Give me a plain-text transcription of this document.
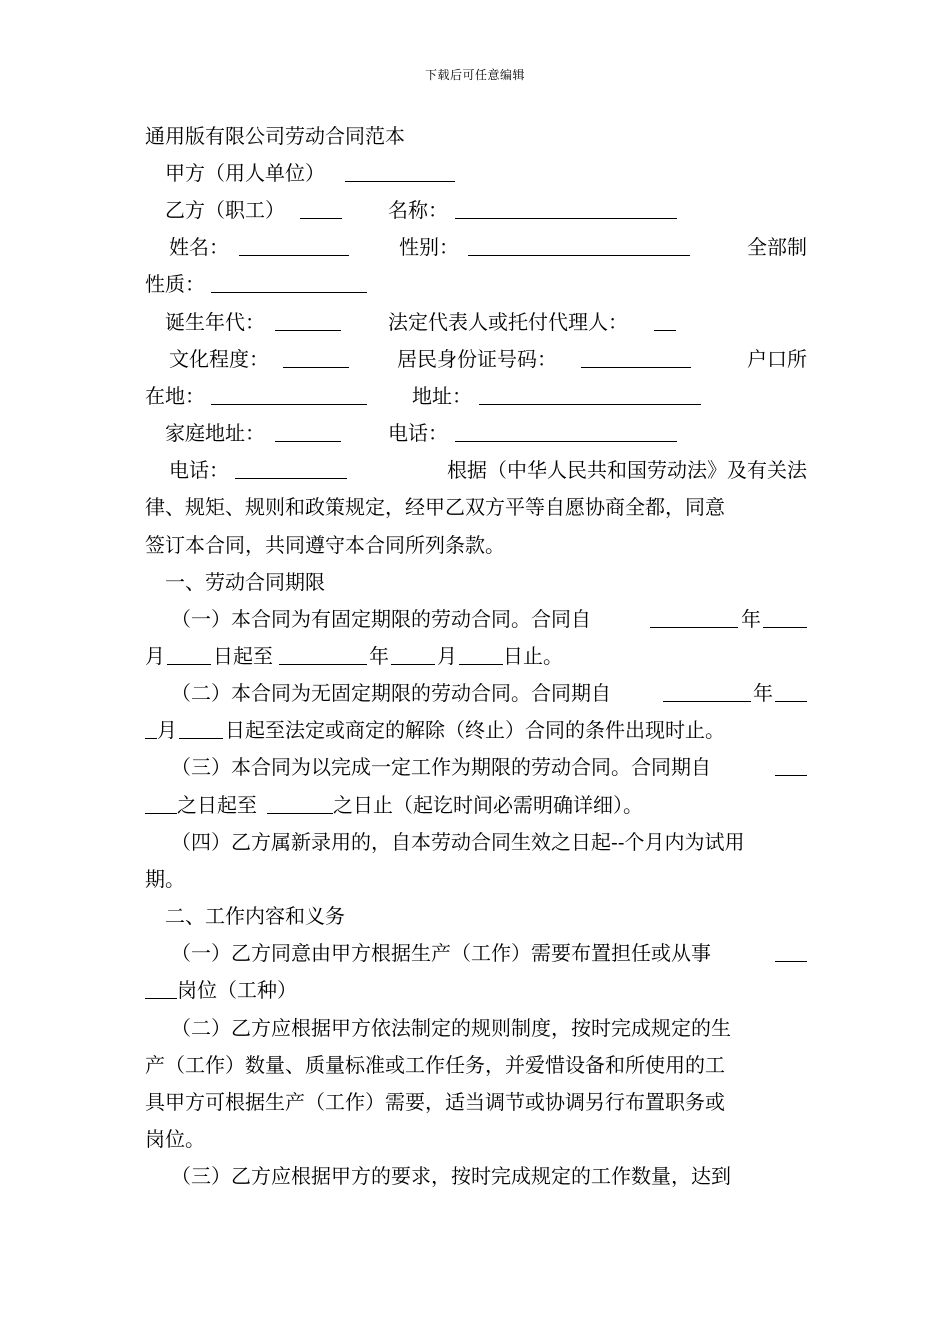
下载后可任意编辑
通用版有限公司劳动合同范本
甲方（用人单位）
乙方（职工）	名称：
姓名：	性别：	全部制
性质：
诞生年代：	法定代表人或托付代理人：
文化程度：	居民身份证号码：	户口所
在地：	地址：
家庭地址：	电话：
电话：	根据（中华人民共和国劳动法》及有关法
律、规矩、规则和政策规定，经甲乙双方平等自愿协商全都，同意
签订本合同，共同遵守本合同所列条款。
一、劳动合同期限
（一）本合同为有固定期限的劳动合同。合同自	年
月 日起至	年 月 日止。
（二）本合同为无固定期限的劳动合同。合同期自	年
月 日起至法定或商定的解除（终止）合同的条件出现时止。
（三）本合同为以完成一定工作为期限的劳动合同。合同期自
之日起至	之日止（起讫时间必需明确详细）。
（四）乙方属新录用的，自本劳动合同生效之日起--个月内为试用
期。
二、工作内容和义务
（一）乙方同意由甲方根据生产（工作）需要布置担任或从事
岗位（工种）
（二）乙方应根据甲方依法制定的规则制度，按时完成规定的生
产（工作）数量、质量标准或工作任务，并爱惜设备和所使用的工
具甲方可根据生产（工作）需要，适当调节或协调另行布置职务或
岗位。
（三）乙方应根据甲方的要求，按时完成规定的工作数量，达到
